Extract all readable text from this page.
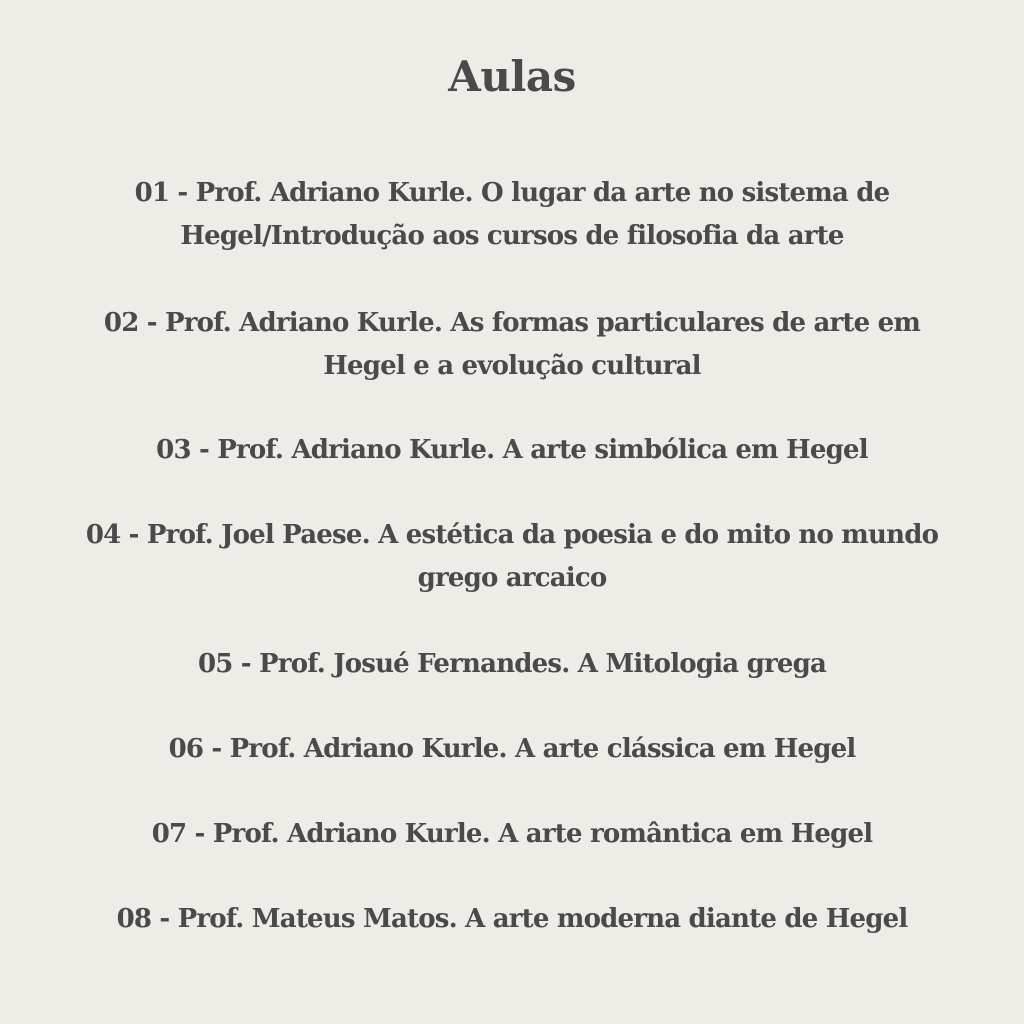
Aulas
01 - Prof. Adriano Kurle. O lugar da arte no sistema de
Hegel/Introdução aos cursos de filosofia da arte
02 - Prof. Adriano Kurle. As formas particulares de arte em
Hegel e a evolução cultural
03 - Prof. Adriano Kurle. A arte simbólica em Hegel
04 - Prof. Joel Paese. A estética da poesia e do mito no mundo
grego arcaico
05 - Prof. Josué Fernandes. A Mitologia grega
06 - Prof. Adriano Kurle. A arte clássica em Hegel
07 - Prof. Adriano Kurle. A arte romântica em Hegel
08 - Prof. Mateus Matos. A arte moderna diante de Hegel
